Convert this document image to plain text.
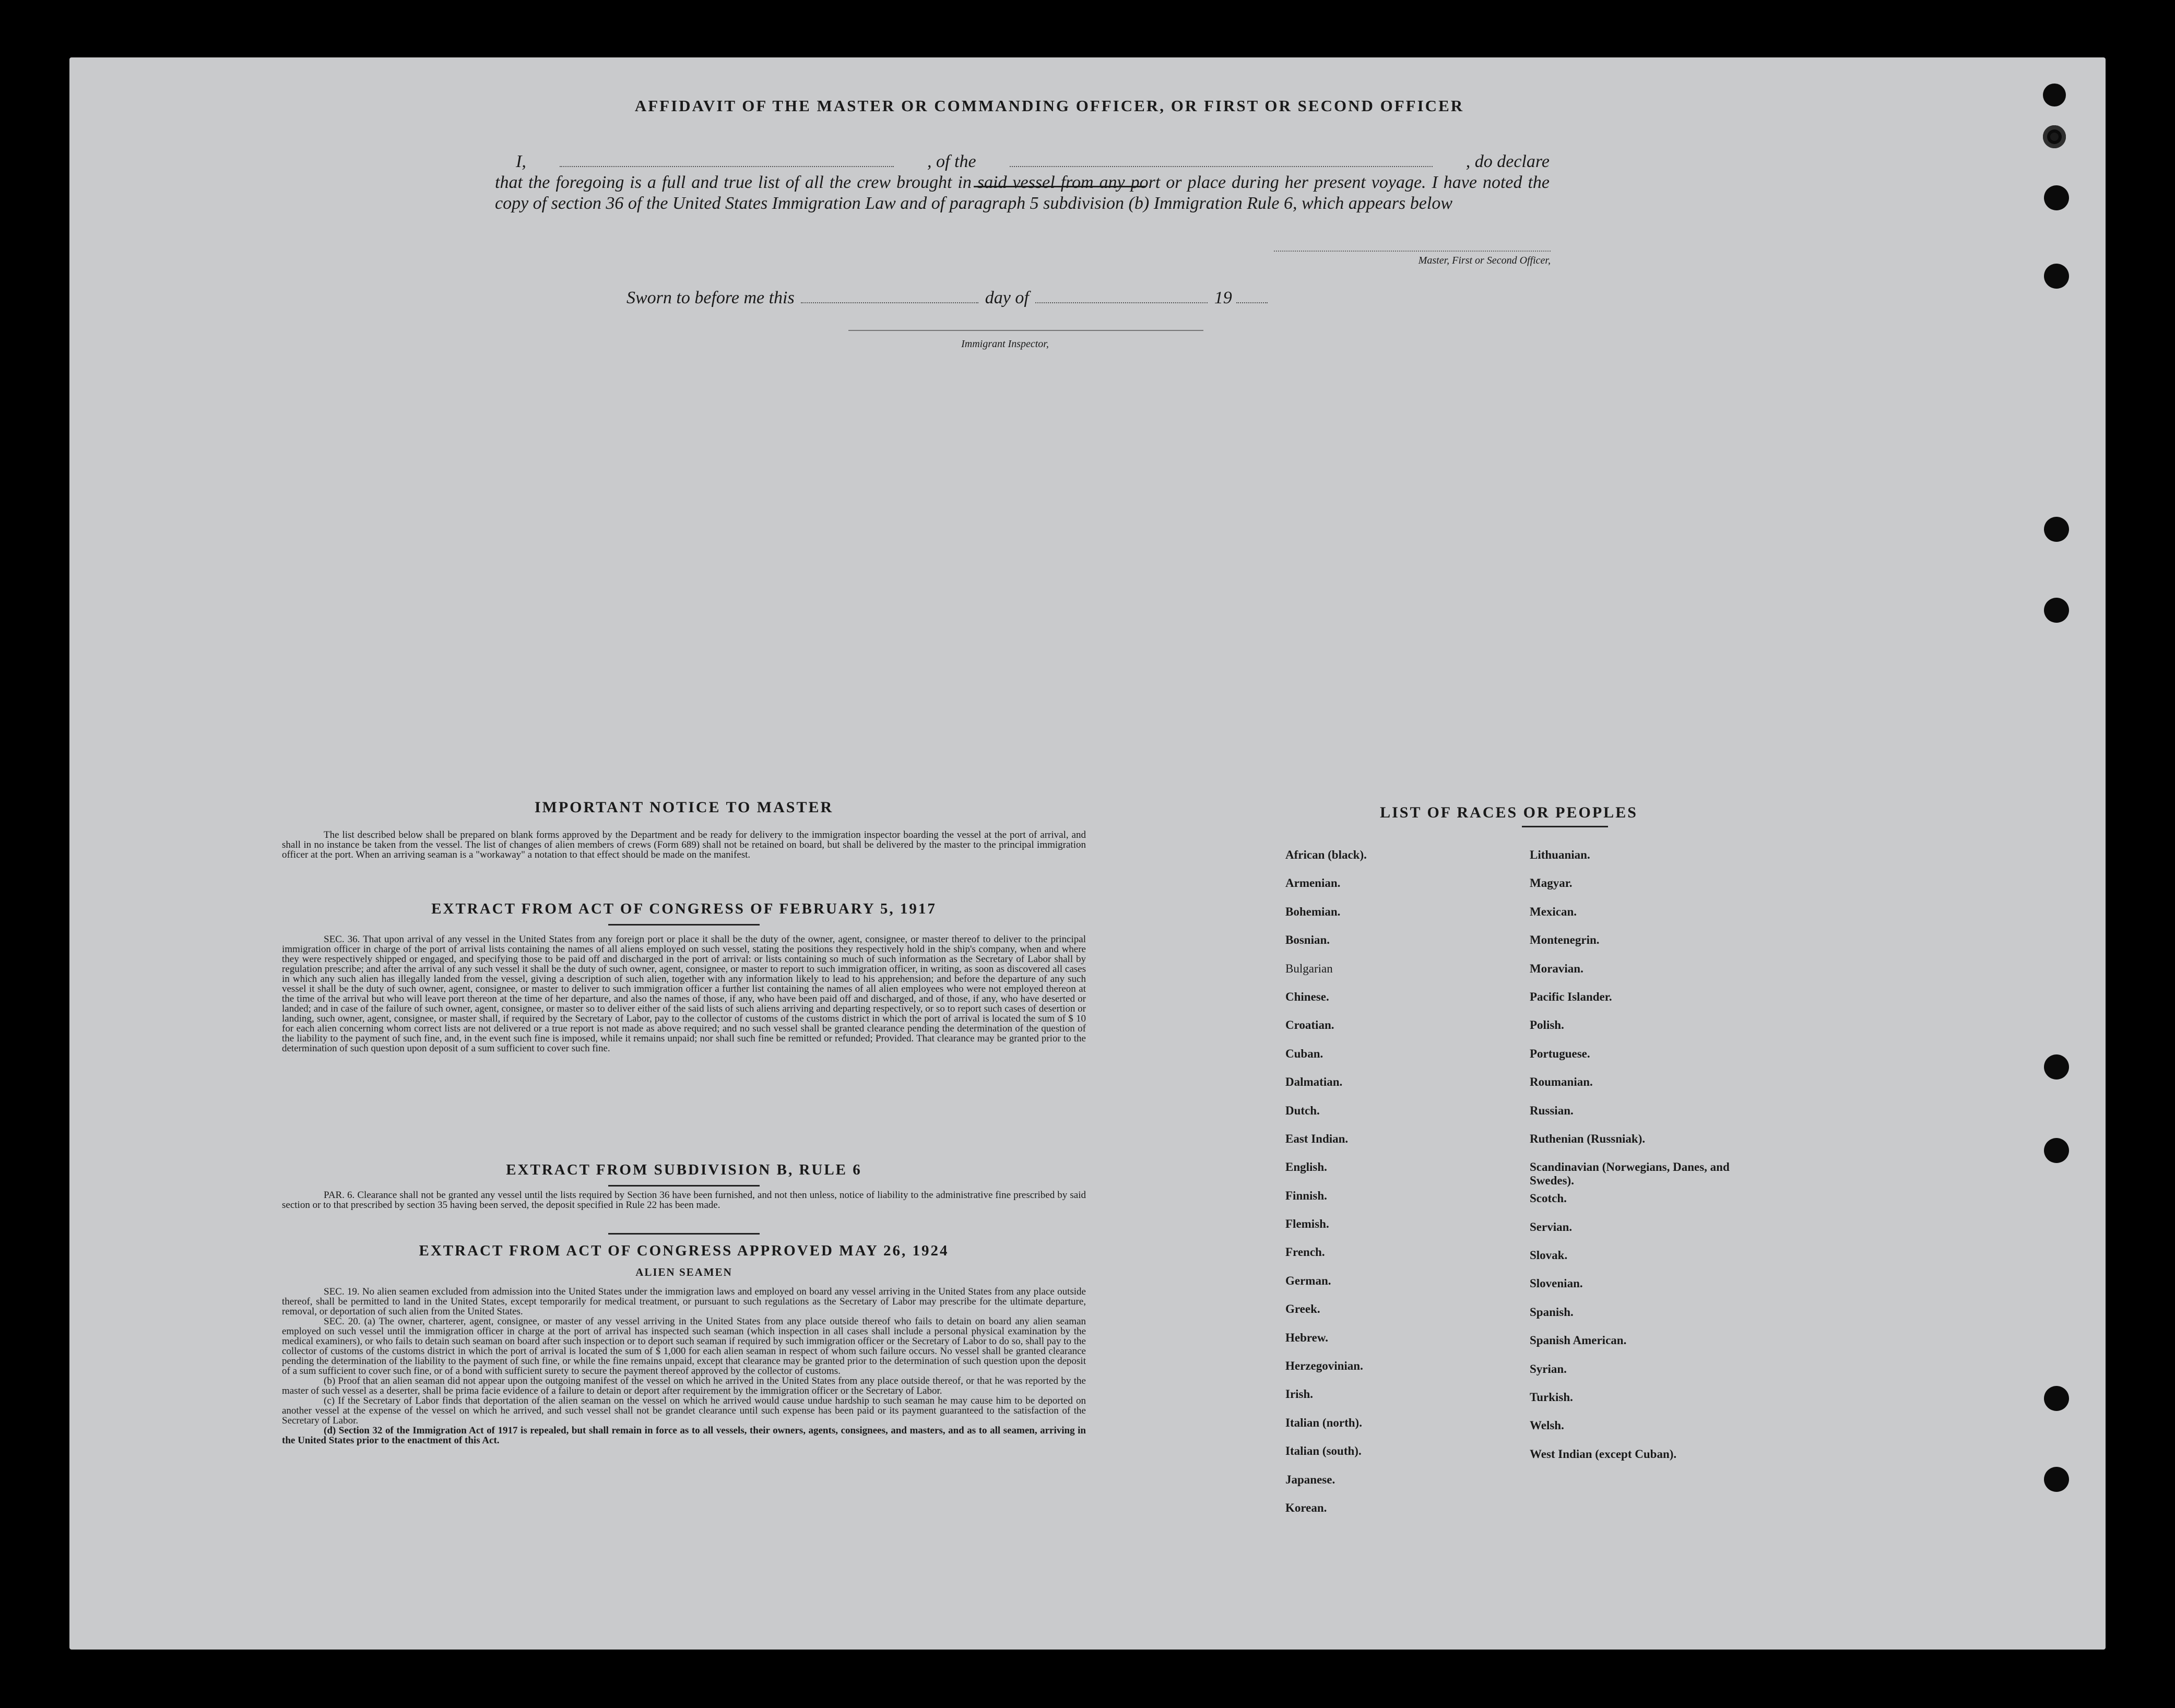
AFFIDAVIT OF THE MASTER OR COMMANDING OFFICER, OR FIRST OR SECOND OFFICER
I,	, of the	, do declare
that the foregoing is a full and true list of all the crew brought in said vessel from any port or place during her present voyage. I have noted the copy of section 36 of the United States Immigration Law and of paragraph 5 subdivision (b) Immigration Rule 6, which appears below
Master, First or Second Officer,
Sworn to before me this	day of	19
Immigrant Inspector,
IMPORTANT NOTICE TO MASTER
The list described below shall be prepared on blank forms approved by the Department and be ready for delivery to the immigration inspector boarding the vessel at the port of arrival, and shall in no instance be taken from the vessel. The list of changes of alien members of crews (Form 689) shall not be retained on board, but shall be delivered by the master to the principal immigration officer at the port. When an arriving seaman is a "workaway" a notation to that effect should be made on the manifest.
EXTRACT FROM ACT OF CONGRESS OF FEBRUARY 5, 1917
SEC. 36. That upon arrival of any vessel in the United States from any foreign port or place it shall be the duty of the owner, agent, consignee, or master thereof to deliver to the principal immigration officer in charge of the port of arrival lists containing the names of all aliens employed on such vessel, stating the positions they respectively hold in the ship's company, when and where they were respectively shipped or engaged, and specifying those to be paid off and discharged in the port of arrival: or lists containing so much of such information as the Secretary of Labor shall by regulation prescribe; and after the arrival of any such vessel it shall be the duty of such owner, agent, consignee, or master to report to such immigration officer, in writing, as soon as discovered all cases in which any such alien has illegally landed from the vessel, giving a description of such alien, together with any information likely to lead to his apprehension; and before the departure of any such vessel it shall be the duty of such owner, agent, consignee, or master to deliver to such immigration officer a further list containing the names of all alien employees who were not employed thereon at the time of the arrival but who will leave port thereon at the time of her departure, and also the names of those, if any, who have been paid off and discharged, and of those, if any, who have deserted or landed; and in case of the failure of such owner, agent, consignee, or master so to deliver either of the said lists of such aliens arriving and departing respectively, or so to report such cases of desertion or landing, such owner, agent, consignee, or master shall, if required by the Secretary of Labor, pay to the collector of customs of the customs district in which the port of arrival is located the sum of $ 10 for each alien concerning whom correct lists are not delivered or a true report is not made as above required; and no such vessel shall be granted clearance pending the determination of the question of the liability to the payment of such fine, and, in the event such fine is imposed, while it remains unpaid; nor shall such fine be remitted or refunded; Provided. That clearance may be granted prior to the determination of such question upon deposit of a sum sufficient to cover such fine.
EXTRACT FROM SUBDIVISION B, RULE 6
PAR. 6. Clearance shall not be granted any vessel until the lists required by Section 36 have been furnished, and not then unless, notice of liability to the administrative fine prescribed by said section or to that prescribed by section 35 having been served, the deposit specified in Rule 22 has been made.
EXTRACT FROM ACT OF CONGRESS APPROVED MAY 26, 1924
ALIEN SEAMEN

SEC. 19. No alien seamen excluded from admission into the United States under the immigration laws and employed on board any vessel arriving in the United States from any place outside thereof, shall be permitted to land in the United States, except temporarily for medical treatment, or pursuant to such regulations as the Secretary of Labor may prescribe for the ultimate departure, removal, or deportation of such alien from the United States.

SEC. 20. (a) The owner, charterer, agent, consignee, or master of any vessel arriving in the United States from any place outside thereof who fails to detain on board any alien seaman employed on such vessel until the immigration officer in charge at the port of arrival has inspected such seaman (which inspection in all cases shall include a personal physical examination by the medical examiners), or who fails to detain such seaman on board after such inspection or to deport such seaman if required by such immigration officer or the Secretary of Labor to do so, shall pay to the collector of customs of the customs district in which the port of arrival is located the sum of $ 1,000 for each alien seaman in respect of whom such failure occurs. No vessel shall be granted clearance pending the determination of the liability to the payment of such fine, or while the fine remains unpaid, except that clearance may be granted prior to the determination of such question upon the deposit of a sum sufficient to cover such fine, or of a bond with sufficient surety to secure the payment thereof approved by the collector of customs.

(b) Proof that an alien seaman did not appear upon the outgoing manifest of the vessel on which he arrived in the United States from any place outside thereof, or that he was reported by the master of such vessel as a deserter, shall be prima facie evidence of a failure to detain or deport after requirement by the immigration officer or the Secretary of Labor.

(c) If the Secretary of Labor finds that deportation of the alien seaman on the vessel on which he arrived would cause undue hardship to such seaman he may cause him to be deported on another vessel at the expense of the vessel on which he arrived, and such vessel shall not be grandet clearance until such expense has been paid or its payment guaranteed to the satisfaction of the Secretary of Labor.

(d) Section 32 of the Immigration Act of 1917 is repealed, but shall remain in force as to all vessels, their owners, agents, consignees, and masters, and as to all seamen, arriving in the United States prior to the enactment of this Act.

LIST OF RACES OR PEOPLES
African (black).
Armenian.
Bohemian.
Bosnian.
Bulgarian
Chinese.
Croatian.
Cuban.
Dalmatian.
Dutch.
East Indian.
English.
Finnish.
Flemish.
French.
German.
Greek.
Hebrew.
Herzegovinian.
Irish.
Italian (north).
Italian (south).
Japanese.
Korean.
Lithuanian.
Magyar.
Mexican.
Montenegrin.
Moravian.
Pacific Islander.
Polish.
Portuguese.
Roumanian.
Russian.
Ruthenian (Russniak).
Scandinavian (Norwegians, Danes, and Swedes).
Scotch.
Servian.
Slovak.
Slovenian.
Spanish.
Spanish American.
Syrian.
Turkish.
Welsh.
West Indian (except Cuban).
